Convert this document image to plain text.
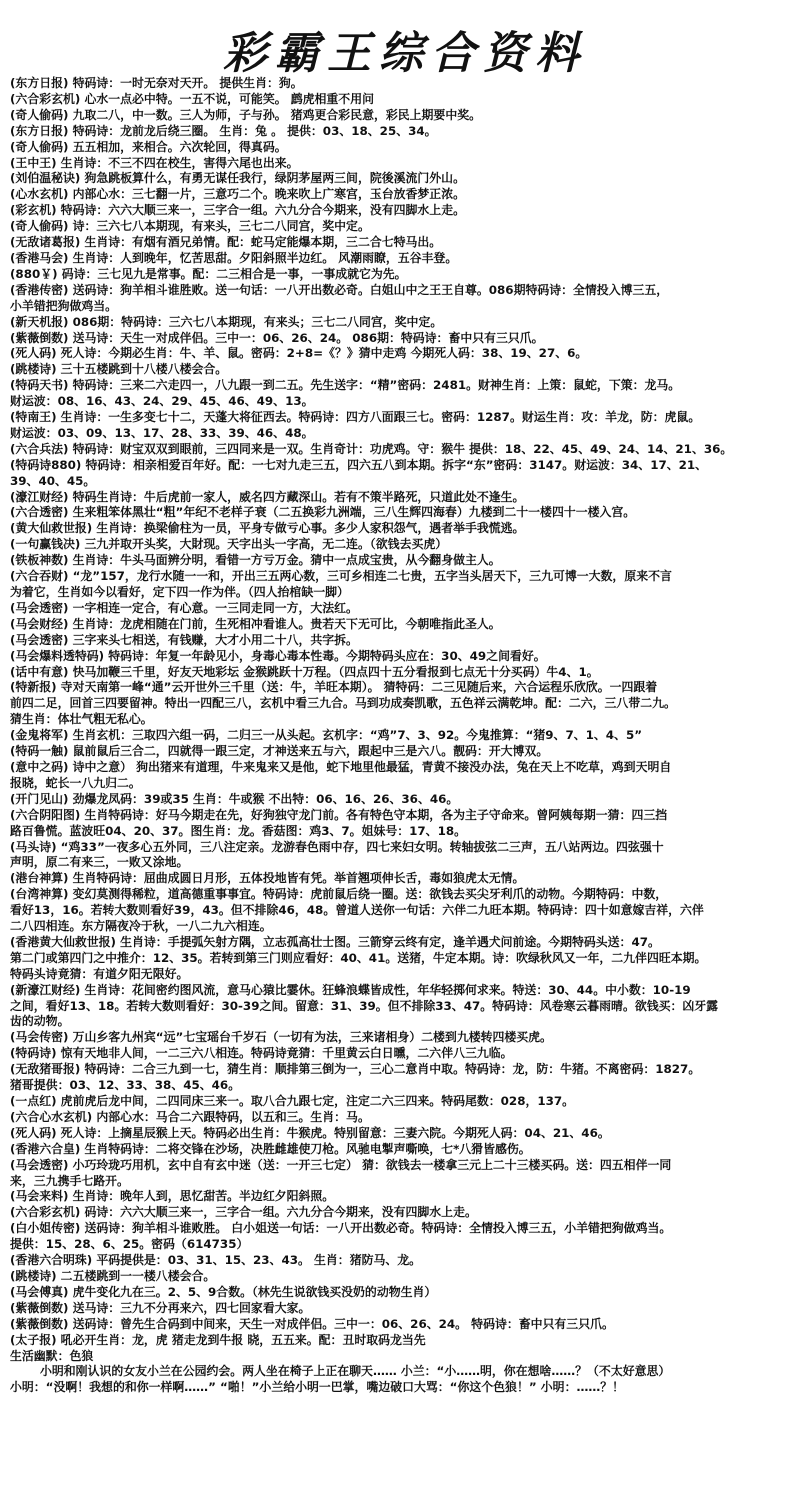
彩霸王综合资料
(东方日报) 特码诗：一时无奈对天开。 提供生肖：狗。
(六合彩玄机) 心水一点必中特。一五不说，可能笑。 鹧虎相重不用问
(奇人偷码) 九取二八，中一数。三人为师，子与孙。 猪鸡更合彩民意，彩民上期要中奖。
(东方日报) 特码诗：龙前龙后绕三圈。 生肖：兔 。 提供：03、18、25、34。
(奇人偷码) 五五相加，来相合。六次轮回，得真码。
(王中王) 生肖诗：不三不四在校生，害得六尾也出来。
(刘伯温秘诀) 狗急跳板算什么，有勇无谋任我行，绿阴茅屋两三间，院後溪流门外山。
(心水玄机) 内部心水：三七翻一片，三意巧二个。晚来吹上广寒宫，玉台放香梦正浓。
(彩玄机) 特码诗：六六大顺三来一，三字合一组。六九分合今期来，没有四脚水上走。
(奇人偷码) 诗：三六七八本期现，有来头，三七二八同宫，奖中定。
(无敌诸葛报) 生肖诗：有烟有酒兄弟情。配：蛇马定能爆本期，三二合七特马出。
(香港马会) 生肖诗：人到晚年，忆苦思甜。夕阳斜照半边红。 风潮雨瞭，五谷丰登。
(880￥) 码诗：三七见九是常事。配：二三相合是一事，一事成就它为先。
(香港传密) 送码诗：狗羊相斗谁胜败。送一句话：一八开出数必奇。白姐山中之王王自尊。086期特码诗：全情投入博三五，
小羊错把狗做鸡当。
(新天机报) 086期：特码诗：三六七八本期现，有来头；三七二八同宫，奖中定。
(紫薇倒数) 送马诗：天生一对成伴侣。三中一：06、26、24。 086期：特码诗：畜中只有三只爪。
(死人码) 死人诗：今期必生肖：牛、羊、鼠。密码：2+8=《？》猜中走鸡 今期死人码：38、19、27、6。
(跳楼诗) 三十五楼跳到十八楼八楼会合。
(特码天书) 特码诗：三来二六走四一，八九跟一到二五。先生送字：“精”密码：2481。财神生肖：上策：鼠蛇，下策：龙马。
财运波：08、16、43、24、29、45、46、49、13。
(特南王) 生肖诗：一生多变七十二，天蓬大将征西去。特码诗：四方八面跟三七。密码：1287。财运生肖：攻：羊龙，防：虎鼠。
财运波：03、09、13、17、28、33、39、46、48。
(六合兵法) 特码诗：财宝双双到眼前，三四同来是一双。生肖奇计：功虎鸡。守：猴牛 提供：18、22、45、49、24、14、21、36。
(特码诗880) 特码诗：相亲相爱百年好。配：一七对九走三五，四六五八到本期。拆字“东”密码：3147。财运波：34、17、21、
39、40、45。
(濠江财经) 特码生肖诗：牛后虎前一家人，威名四方藏深山。若有不策半路死，只道此处不逢生。
(六合透密) 生来粗笨体黑壮“粗”年纪不老样子衰（二五换彩九洲端，三八生辉四海春）九楼到二十一楼四十一楼入宫。
(黄大仙救世报) 生肖诗：换梁偷柱为一员，平身专做亏心事。多少人家积怨气，遇者举手我慌逃。
(一句赢钱决) 三九并取开头奖，大財现。天字出头一字高，无二连。（欲钱去买虎）
(铁板神数) 生肖诗：牛头马面辨分明，看错一方亏万金。猜中一点成宝贵，从今翻身做主人。
(六合吞财) “龙”157，龙行水随一一和，开出三五两心数，三可乡相连二七贵，五字当头居天下，三九可博一大数，原来不言
为着它，生肖如今以看好，定下四一作为伴。（四人抬棺缺一脚）
(马会透密) 一字相连一定合，有心意。一三同走同一方，大法红。
(马会财经) 生肖诗：龙虎相随在门前，生死相冲看谁人。贵若天下无可比，今朝唯指此圣人。
(马会透密) 三字来头七相送，有钱赚，大才小用二十八，共字拆。
(马会爆料透特码) 特码诗：年复一年龄见小，身毒心毒本性毒。今期特码头应在：30、49之间看好。
(话中有意) 快马加鞭三千里，好友天地彩坛 金猴跳跃十万程。（四点四十五分看报到七点无十分买码）牛4、1。
(特新报) 寺对天南第一峰“通”云开世外三千里（送：牛，羊旺本期）。 猜特码：二三见随后来，六合运程乐欣欣。一四跟着
前四二足，回首三四要留神。特出一四配三八，玄机中看三九合。马到功成奏凯歌，五色祥云满乾坤。配：二六，三八带二九。
猜生肖：体壮气粗无私心。
(金鬼将军) 生肖玄机：三取四六组一码，二归三一从头起。玄机字：“鸡”7、3、92。今鬼推算：“猪9、7、1、4、5”
(特码一触) 鼠前鼠后三合二，四就得一跟三定，才神送来五与六，跟起中三是六八。靓码：开大博双。
(意中之码) 诗中之意） 狗出猪来有道理，牛来鬼来又是他，蛇下地里他最猛，青黄不接没办法，兔在天上不吃草，鸡到天明自
报晓，蛇长一八九归二。
(开门见山) 劲爆龙凤码：39或35 生肖：牛或猴 不出特：06、16、26、36、46。
(六合阴阳图) 生肖特码诗：好马今期走在先，好狗独守龙门前。各有特色守本期，各为主子守命来。曾阿姨每期一猜：四三挡
路百鲁慌。蓝波旺04、20、37。图生肖：龙。香菇图：鸡3、7。姐妹号：17、18。
(马头诗) “鸡33”一夜多心五外同，三八注定亲。龙游春色雨中存，四七来妇女明。转轴拔弦二三声，五八站两边。四弦强十
声明，原二有来三，一败又涂地。
(港台神算) 生肖特码诗：屈曲成圆日月形，五体投地皆有凭。举首翘项伸长舌，毒如狼虎太无情。
(台湾神算) 变幻莫测得稀粒，道高德重事事宜。特码诗：虎前鼠后绕一圈。送：欲钱去买尖牙利爪的动物。今期特码：中数，
看好13，16。若转大数则看好39，43。但不排除46，48。曾道人送你一句话：六伴二九旺本期。特码诗：四十如意嫁吉祥，六伴
二八四相连。东方隔夜冷于秋，一八二九六相连。
(香港黄大仙救世报) 生肖诗：手提弧矢射方隅，立志孤高壮士图。三箭穿云终有定，逢羊遇犬问前途。今期特码头送：47。
第二门或第四门之中推介：12、35。若转到第三门则应看好：40、41。送猪，牛定本期。诗：吹绿秋风又一年，二九伴四旺本期。
特码头诗竟猜：有道夕阳无限好。
(新濠江财经) 生肖诗：花间密约图风流，意马心猿比霎休。狂蜂浪蝶皆成性，年华轻掷何求来。特送：30、44。中小数：10-19
之间，看好13、18。若转大数则看好：30-39之间。留意：31、39。但不排除33、47。特码诗：风卷寒云暮雨晴。欲钱买：凶牙露
齿的动物。
(马会传密) 万山乡客九州宾“远”七宝瑶台千岁石（一切有为法，三来诸相身）二楼到九楼转四楼买虎。
(特码诗) 惊有天地非人间，一二三六八相连。特码诗竟猜：千里黄云白日曛，二六伴八三九临。
(无敌猪哥报) 特码诗：二合三九到一七，猜生肖：顺排第三倒为一，三心二意肖中取。特码诗：龙，防：牛猪。不离密码：1827。
猪哥提供：03、12、33、38、45、46。
(一点红) 虎前虎后龙中间，二四同床三来一。取八合九跟七定，注定二六三四来。特码尾数：028，137。
(六合心水玄机) 内部心水：马合二六跟特码，以五和三。生肖：马。
(死人码) 死人诗：上摘星辰猴上天。特码必出生肖：牛猴虎。特别留意：三妻六院。今期死人码：04、21、46。
(香港六合皇) 生肖特码诗：二将交锋在沙场，决胜雌雄使刀枪。风驰电掣声嘶唤，七*八猾皆感伤。
(马会透密) 小巧玲珑巧用机，玄中自有玄中迷（送：一开三七定） 猜：欲钱去一楼拿三元上二十三楼买码。送：四五相伴一同
来，三九携手七路开。
(马会来料) 生肖诗：晚年人到，思忆甜苦。半边红夕阳斜照。
(六合彩玄机) 码诗：六六大顺三来一，三字合一组。六九分合今期来，没有四脚水上走。
(白小姐传密) 送码诗：狗羊相斗谁败胜。 白小姐送一句话：一八开出数必奇。特码诗：全情投入博三五，小羊错把狗做鸡当。
提供：15、28、6、25。密码（614735）
(香港六合明珠) 平码提供是：03、31、15、23、43。 生肖：猪防马、龙。
(跳楼诗) 二五楼跳到一一楼八楼会合。
(马会傅真) 虎牛变化九在三。2、5、9合数。（林先生说欲钱买没奶的动物生肖）
(紫薇倒数) 送马诗：三九不分再来六，四七回家看大家。
(紫薇倒数) 送码诗：曾先生合码到中间来，天生一对成伴侣。三中一：06、26、24。 特码诗：畜中只有三只爪。
(太子报) 吼必开生肖：龙，虎 猪走龙到牛报 晓，五五来。配：丑时取码龙当先
生活幽默：色狼
小明和刚认识的女友小兰在公园约会。两人坐在椅子上正在聊天…… 小兰：“小……明，你在想啥……？（不太好意思）
小明：“没啊！我想的和你一样啊……” “啪！”小兰给小明一巴掌，嘴边破口大骂：“你这个色狼！” 小明：……？！
